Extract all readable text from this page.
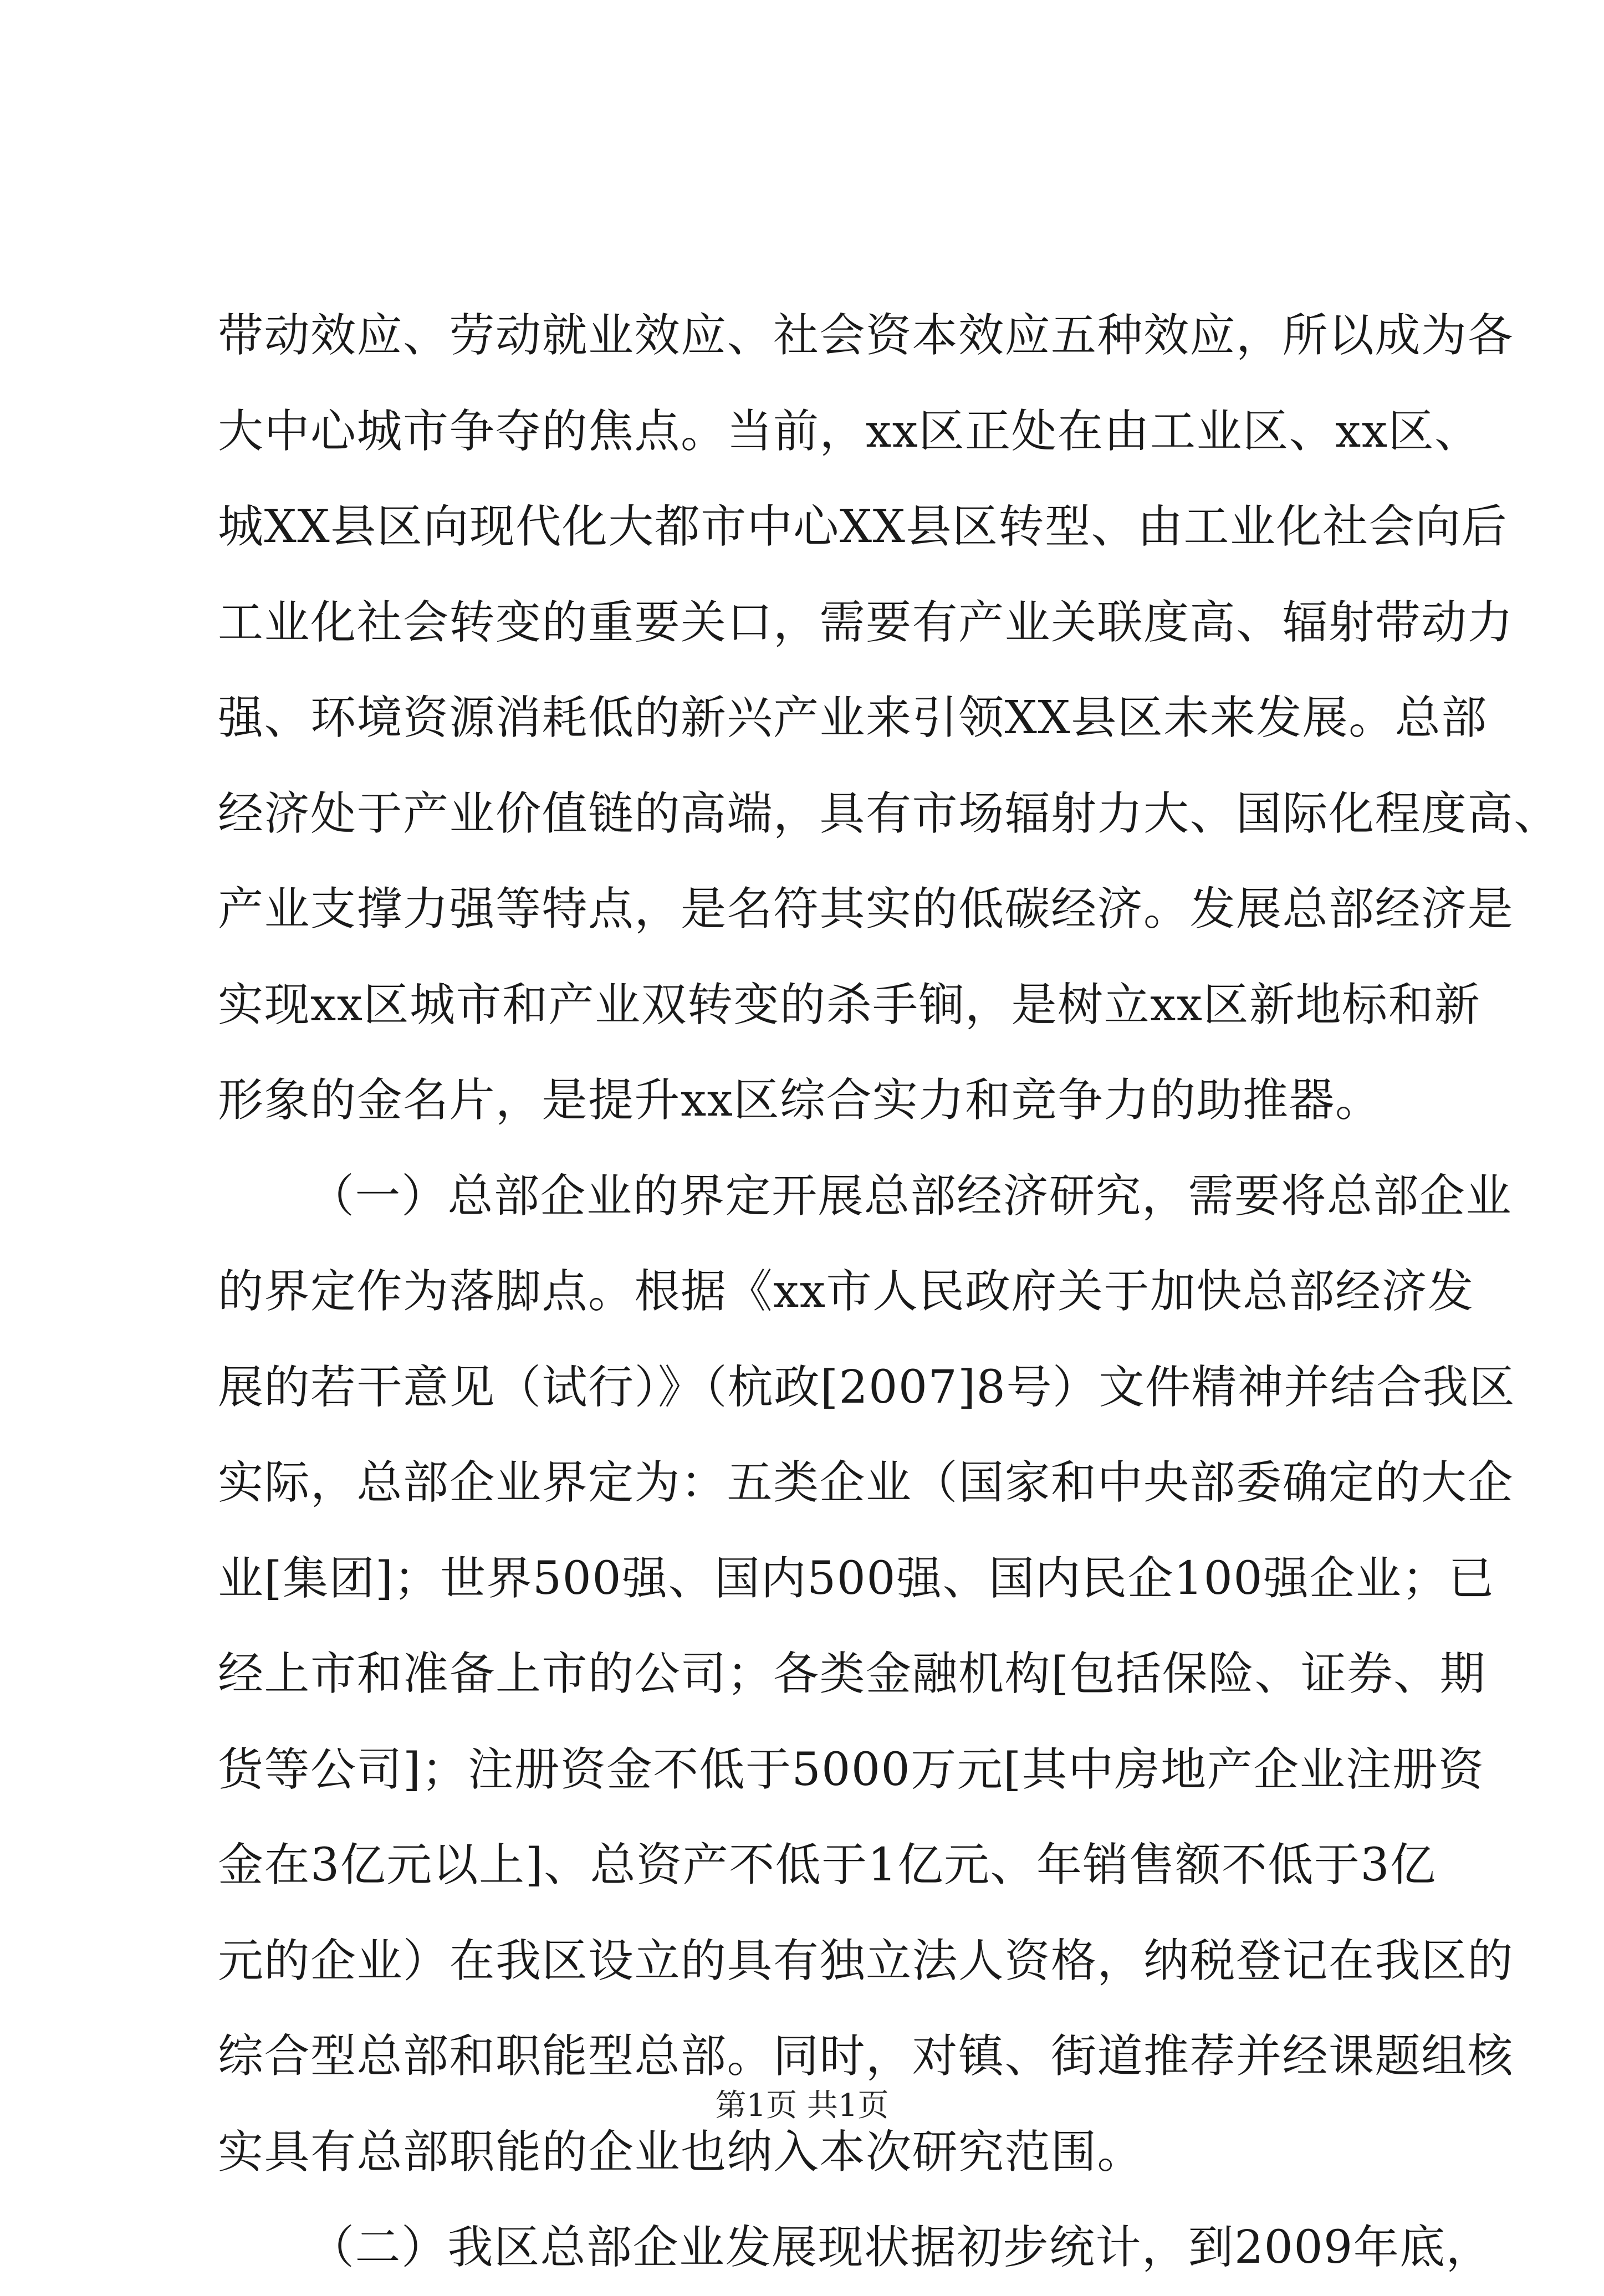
带动效应、劳动就业效应、社会资本效应五种效应，所以成为各
大中心城市争夺的焦点。当前，xx区正处在由工业区、xx区、
城XX县区向现代化大都市中心XX县区转型、由工业化社会向后
工业化社会转变的重要关口，需要有产业关联度高、辐射带动力
强、环境资源消耗低的新兴产业来引领XX县区未来发展。总部
经济处于产业价值链的高端，具有市场辐射力大、国际化程度高、
产业支撑力强等特点，是名符其实的低碳经济。发展总部经济是
实现xx区城市和产业双转变的杀手锏，是树立xx区新地标和新
形象的金名片，是提升xx区综合实力和竞争力的助推器。
（一）总部企业的界定开展总部经济研究，需要将总部企业
的界定作为落脚点。根据《xx市人民政府关于加快总部经济发
展的若干意见（试行）》（杭政[2007]8号）文件精神并结合我区
实际，总部企业界定为：五类企业（国家和中央部委确定的大企
业[集团]；世界500强、国内500强、国内民企100强企业；已
经上市和准备上市的公司；各类金融机构[包括保险、证券、期
货等公司]；注册资金不低于5000万元[其中房地产企业注册资
金在3亿元以上]、总资产不低于1亿元、年销售额不低于3亿
元的企业）在我区设立的具有独立法人资格，纳税登记在我区的
综合型总部和职能型总部。同时，对镇、街道推荐并经课题组核
实具有总部职能的企业也纳入本次研究范围。
（二）我区总部企业发展现状据初步统计，到2009年底，
第1页 共1页
